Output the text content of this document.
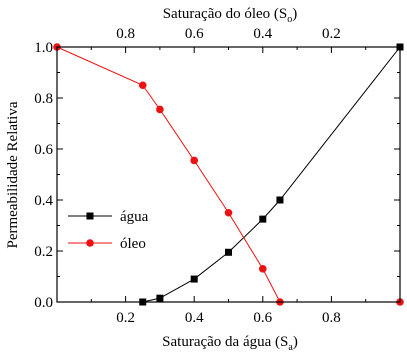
0.2	0.4	0.6	0.8
0.8	0.6	0.4	0.2
0.0
0.2
0.4
0.6
0.8
1.0
Saturação da água $(S_a)$
Saturação do óleo $(S_o)$
Permeabilidade Relativa	água
óleo
